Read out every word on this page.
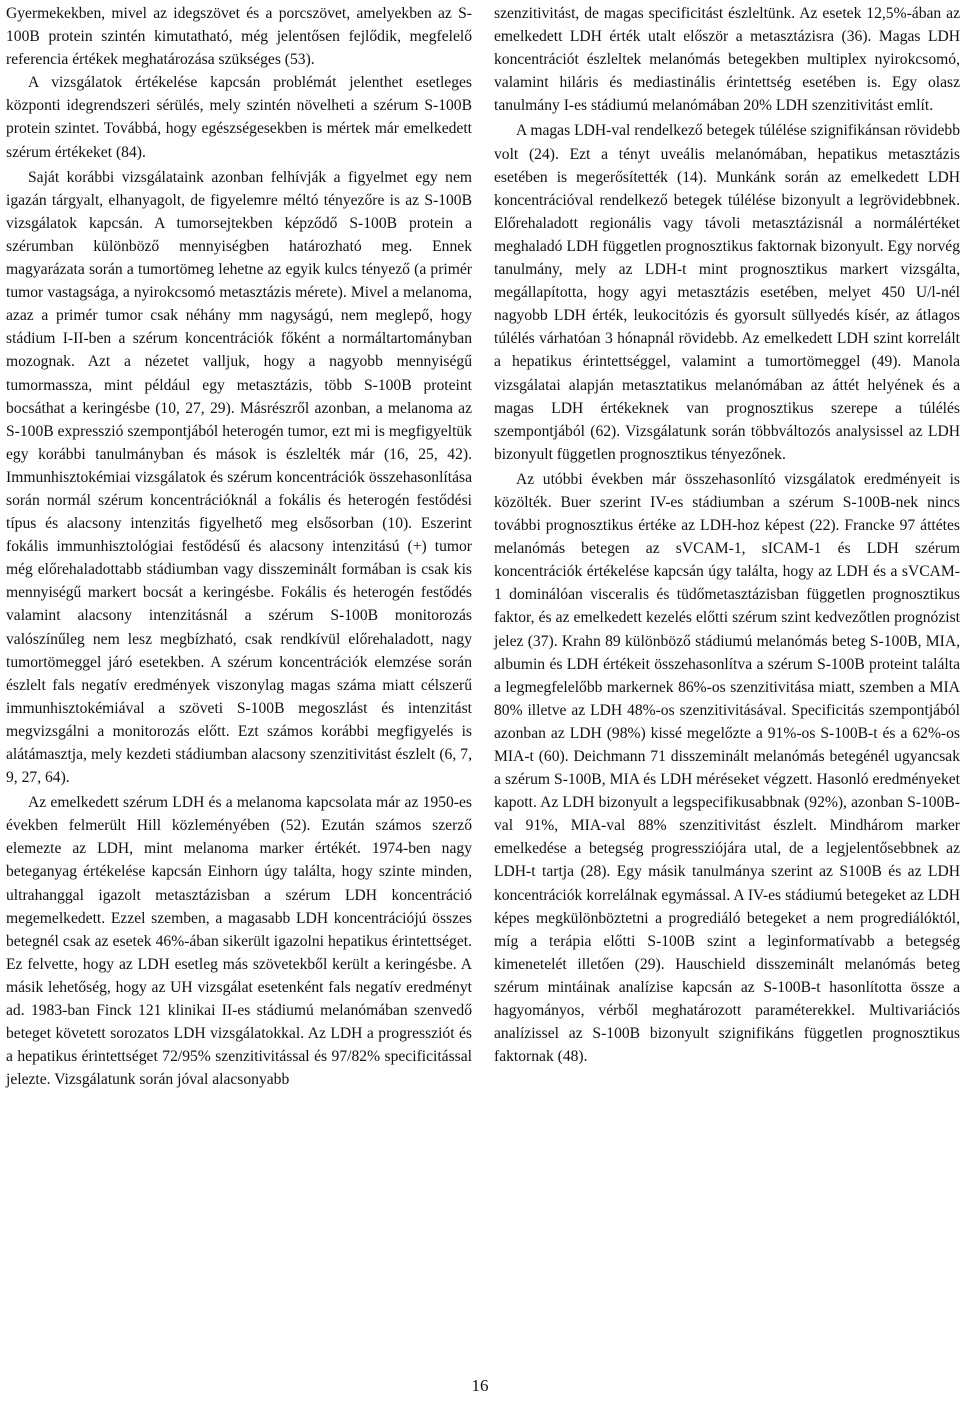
Gyermekekben, mivel az idegszövet és a porcszövet, amelyekben az S-100B protein szintén kimutatható, még jelentősen fejlődik, megfelelő referencia értékek meghatározása szükséges (53).

A vizsgálatok értékelése kapcsán problémát jelenthet esetleges központi idegrendszeri sérülés, mely szintén növelheti a szérum S-100B protein szintet. Továbbá, hogy egészségesekben is mértek már emelkedett szérum értékeket (84).

Saját korábbi vizsgálataink azonban felhívják a figyelmet egy nem igazán tárgyalt, elhanyagolt, de figyelemre méltó tényezőre is az S-100B vizsgálatok kapcsán. A tumorsejtekben képződő S-100B protein a szérumban különböző mennyiségben határozható meg. Ennek magyarázata során a tumortömeg lehetne az egyik kulcs tényező (a primér tumor vastagsága, a nyirokcsomó metasztázis mérete). Mivel a melanoma, azaz a primér tumor csak néhány mm nagyságú, nem meglepő, hogy stádium I-II-ben a szérum koncentrációk főként a normáltartományban mozognak. Azt a nézetet valljuk, hogy a nagyobb mennyiségű tumormassza, mint például egy metasztázis, több S-100B proteint bocsáthat a keringésbe (10, 27, 29). Másrészről azonban, a melanoma az S-100B expresszió szempontjából heterogén tumor, ezt mi is megfigyeltük egy korábbi tanulmányban és mások is észlelték már (16, 25, 42). Immunhisztokémiai vizsgálatok és szérum koncentrációk összehasonlítása során normál szérum koncentrációknál a fokális és heterogén festődési típus és alacsony intenzitás figyelhető meg elsősorban (10). Eszerint fokális immunhisztológiai festődésű és alacsony intenzitású (+) tumor még előrehaladottabb stádiumban vagy disszeminált formában is csak kis mennyiségű markert bocsát a keringésbe. Fokális és heterogén festődés valamint alacsony intenzitásnál a szérum S-100B monitorozás valószínűleg nem lesz megbízható, csak rendkívül előrehaladott, nagy tumortömeggel járó esetekben. A szérum koncentrációk elemzése során észlelt fals negatív eredmények viszonylag magas száma miatt célszerű immunhisztokémiával a szöveti S-100B megoszlást és intenzitást megvizsgálni a monitorozás előtt. Ezt számos korábbi megfigyelés is alátámasztja, mely kezdeti stádiumban alacsony szenzitivitást észlelt (6, 7, 9, 27, 64).

Az emelkedett szérum LDH és a melanoma kapcsolata már az 1950-es években felmerült Hill közleményében (52). Ezután számos szerző elemezte az LDH, mint melanoma marker értékét. 1974-ben nagy beteganyag értékelése kapcsán Einhorn úgy találta, hogy szinte minden, ultrahanggal igazolt metasztázisban a szérum LDH koncentráció megemelkedett. Ezzel szemben, a magasabb LDH koncentrációjú összes betegnél csak az esetek 46%-ában sikerült igazolni hepatikus érintettséget. Ez felvette, hogy az LDH esetleg más szövetekből került a keringésbe. A másik lehetőség, hogy az UH vizsgálat esetenként fals negatív eredményt ad. 1983-ban Finck 121 klinikai II-es stádiumú melanómában szenvedő beteget követett sorozatos LDH vizsgálatokkal. Az LDH a progressziót és a hepatikus érintettséget 72/95% szenzitivitással és 97/82% specificitással jelezte. Vizsgálatunk során jóval alacsonyabb

szenzitivitást, de magas specificitást észleltünk. Az esetek 12,5%-ában az emelkedett LDH érték utalt először a metasztázisra (36). Magas LDH koncentrációt észleltek melanómás betegekben multiplex nyirokcsomó, valamint hiláris és mediastinális érintettség esetében is. Egy olasz tanulmány I-es stádiumú melanómában 20% LDH szenzitivitást említ.

A magas LDH-val rendelkező betegek túlélése szignifikánsan rövidebb volt (24). Ezt a tényt uveális melanómában, hepatikus metasztázis esetében is megerősítették (14). Munkánk során az emelkedett LDH koncentrációval rendelkező betegek túlélése bizonyult a legrövidebbnek. Előrehaladott regionális vagy távoli metasztázisnál a normálértéket meghaladó LDH független prognosztikus faktornak bizonyult. Egy norvég tanulmány, mely az LDH-t mint prognosztikus markert vizsgálta, megállapította, hogy agyi metasztázis esetében, melyet 450 U/l-nél nagyobb LDH érték, leukocitózis és gyorsult süllyedés kísér, az átlagos túlélés várhatóan 3 hónapnál rövidebb. Az emelkedett LDH szint korrelált a hepatikus érintettséggel, valamint a tumortömeggel (49). Manola vizsgálatai alapján metasztatikus melanómában az áttét helyének és a magas LDH értékeknek van prognosztikus szerepe a túlélés szempontjából (62). Vizsgálatunk során többváltozós analysissel az LDH bizonyult független prognosztikus tényezőnek.

Az utóbbi években már összehasonlító vizsgálatok eredményeit is közölték. Buer szerint IV-es stádiumban a szérum S-100B-nek nincs további prognosztikus értéke az LDH-hoz képest (22). Francke 97 áttétes melanómás betegen az sVCAM-1, sICAM-1 és LDH szérum koncentrációk értékelése kapcsán úgy találta, hogy az LDH és a sVCAM-1 dominálóan visceralis és tüdőmetasztázisban független prognosztikus faktor, és az emelkedett kezelés előtti szérum szint kedvezőtlen prognózist jelez (37). Krahn 89 különböző stádiumú melanómás beteg S-100B, MIA, albumin és LDH értékeit összehasonlítva a szérum S-100B proteint találta a legmegfelelőbb markernek 86%-os szenzitivitása miatt, szemben a MIA 80% illetve az LDH 48%-os szenzitivitásával. Specificitás szempontjából azonban az LDH (98%) kissé megelőzte a 91%-os S-100B-t és a 62%-os MIA-t (60). Deichmann 71 disszeminált melanómás betegénél ugyancsak a szérum S-100B, MIA és LDH méréseket végzett. Hasonló eredményeket kapott. Az LDH bizonyult a legspecifikusabbnak (92%), azonban S-100B-val 91%, MIA-val 88% szenzitivitást észlelt. Mindhárom marker emelkedése a betegség progressziójára utal, de a legjelentősebbnek az LDH-t tartja (28). Egy másik tanulmánya szerint az S100B és az LDH koncentrációk korrelálnak egymással. A IV-es stádiumú betegeket az LDH képes megkülönböztetni a progrediáló betegeket a nem progrediálóktól, míg a terápia előtti S-100B szint a leginformatívabb a betegség kimenetelét illetően (29). Hauschield disszeminált melanómás beteg szérum mintáinak analízise kapcsán az S-100B-t hasonlította össze a hagyományos, vérből meghatározott paraméterekkel. Multivariációs analízissel az S-100B bizonyult szignifikáns független prognosztikus faktornak (48).

16
